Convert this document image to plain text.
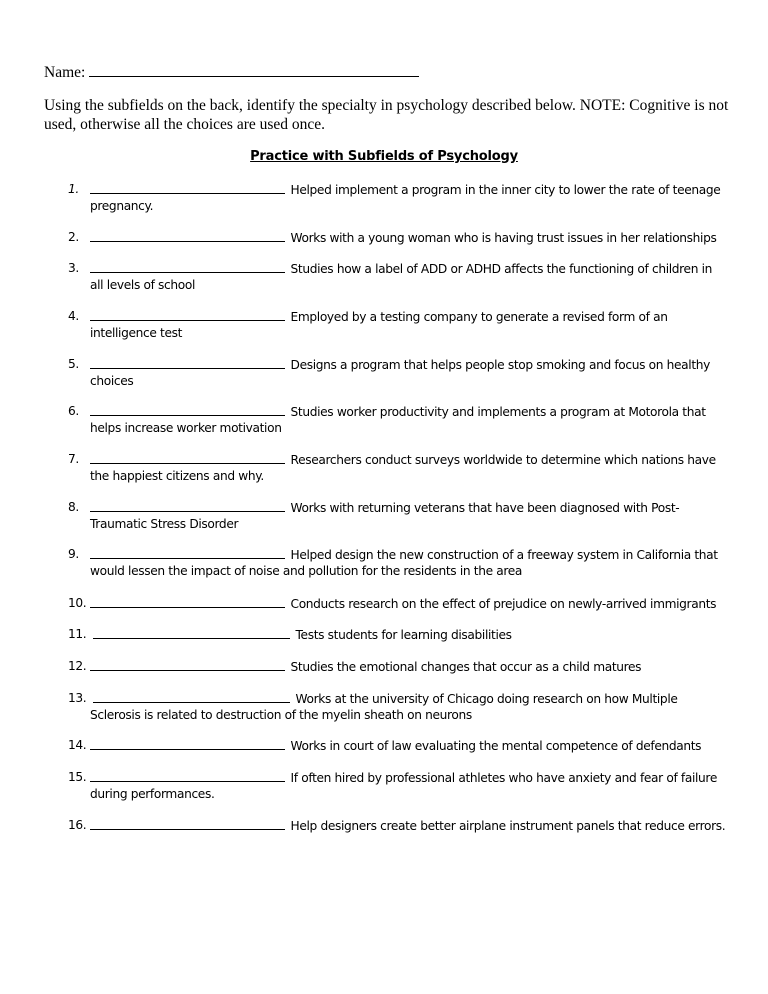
Name:
Using the subfields on the back, identify the specialty in psychology described below. NOTE: Cognitive is not used, otherwise all the choices are used once.
Practice with Subfields of Psychology
1.	Helped implement a program in the inner city to lower the rate of teenage pregnancy.
2.	Works with a young woman who is having trust issues in her relationships
3.	Studies how a label of ADD or ADHD affects the functioning of children in all levels of school
4.	Employed by a testing company to generate a revised form of an intelligence test
5.	Designs a program that helps people stop smoking and focus on healthy choices
6.	Studies worker productivity and implements a program at Motorola that helps increase worker motivation
7.	Researchers conduct surveys worldwide to determine which nations have the happiest citizens and why.
8.	Works with returning veterans that have been diagnosed with Post-Traumatic Stress Disorder
9.	Helped design the new construction of a freeway system in California that would lessen the impact of noise and pollution for the residents in the area
10.	Conducts research on the effect of prejudice on newly-arrived immigrants
11.	Tests students for learning disabilities
12.	Studies the emotional changes that occur as a child matures
13.	Works at the university of Chicago doing research on how Multiple Sclerosis is related to destruction of the myelin sheath on neurons
14.	Works in court of law evaluating the mental competence of defendants
15.	If often hired by professional athletes who have anxiety and fear of failure during performances.
16.	Help designers create better airplane instrument panels that reduce errors.
